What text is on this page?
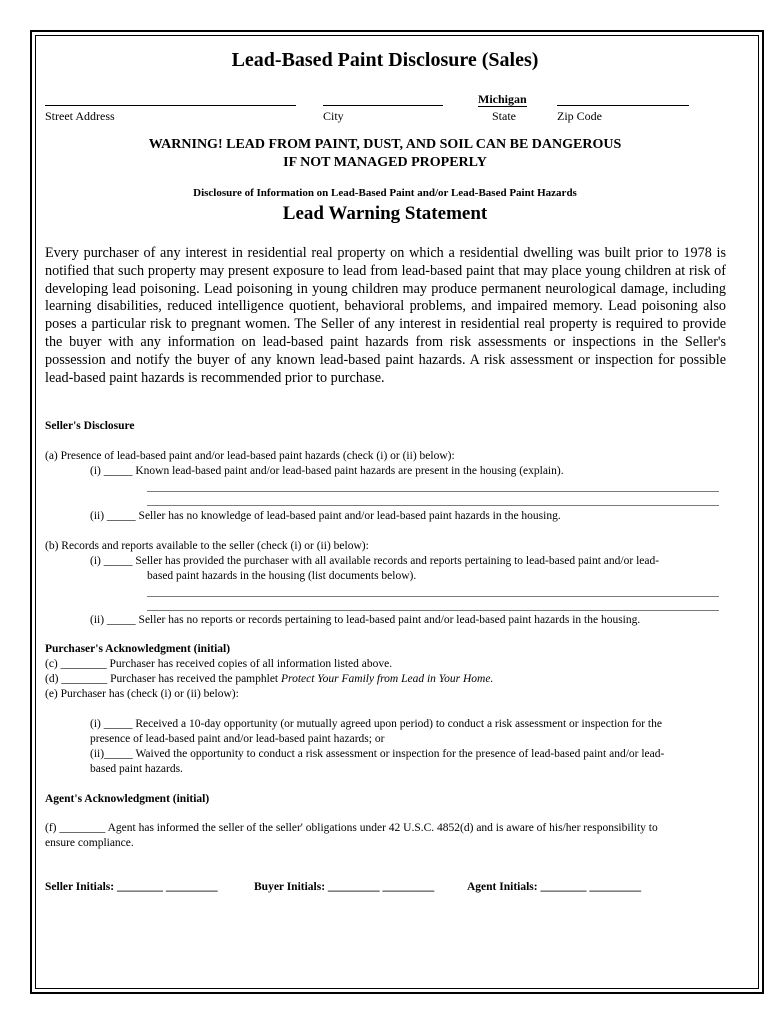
Lead-Based Paint Disclosure (Sales)
Michigan
Street Address	City	State	Zip Code
WARNING! LEAD FROM PAINT, DUST, AND SOIL CAN BE DANGEROUS
IF NOT MANAGED PROPERLY
Disclosure of Information on Lead-Based Paint and/or Lead-Based Paint Hazards
Lead Warning Statement
Every purchaser of any interest in residential real property on which a residential dwelling was built prior to 1978 is notified that such property may present exposure to lead from lead-based paint that may place young children at risk of developing lead poisoning. Lead poisoning in young children may produce permanent neurological damage, including learning disabilities, reduced intelligence quotient, behavioral problems, and impaired memory. Lead poisoning also poses a particular risk to pregnant women. The Seller of any interest in residential real property is required to provide the buyer with any information on lead-based paint hazards from risk assessments or inspections in the Seller's possession and notify the buyer of any known lead-based paint hazards. A risk assessment or inspection for possible lead-based paint hazards is recommended prior to purchase.
Seller's Disclosure
(a) Presence of lead-based paint and/or lead-based paint hazards (check (i) or (ii) below):
(i) _____ Known lead-based paint and/or lead-based paint hazards are present in the housing (explain).
(ii) _____ Seller has no knowledge of lead-based paint and/or lead-based paint hazards in the housing.
(b) Records and reports available to the seller (check (i) or (ii) below):
(i) _____ Seller has provided the purchaser with all available records and reports pertaining to lead-based paint and/or lead-
based paint hazards in the housing (list documents below).
(ii) _____ Seller has no reports or records pertaining to lead-based paint and/or lead-based paint hazards in the housing.
Purchaser's Acknowledgment (initial)
(c) ________ Purchaser has received copies of all information listed above.
(d) ________ Purchaser has received the pamphlet Protect Your Family from Lead in Your Home.
(e) Purchaser has (check (i) or (ii) below):
(i) _____ Received a 10-day opportunity (or mutually agreed upon period) to conduct a risk assessment or inspection for the
presence of lead-based paint and/or lead-based paint hazards; or
(ii)_____ Waived the opportunity to conduct a risk assessment or inspection for the presence of lead-based paint and/or lead-
based paint hazards.
Agent's Acknowledgment (initial)
(f) ________ Agent has informed the seller of the seller' obligations under 42 U.S.C. 4852(d) and is aware of his/her responsibility to
ensure compliance.
Seller Initials: ________ _________	Buyer Initials: _________ _________	Agent Initials: ________ _________
